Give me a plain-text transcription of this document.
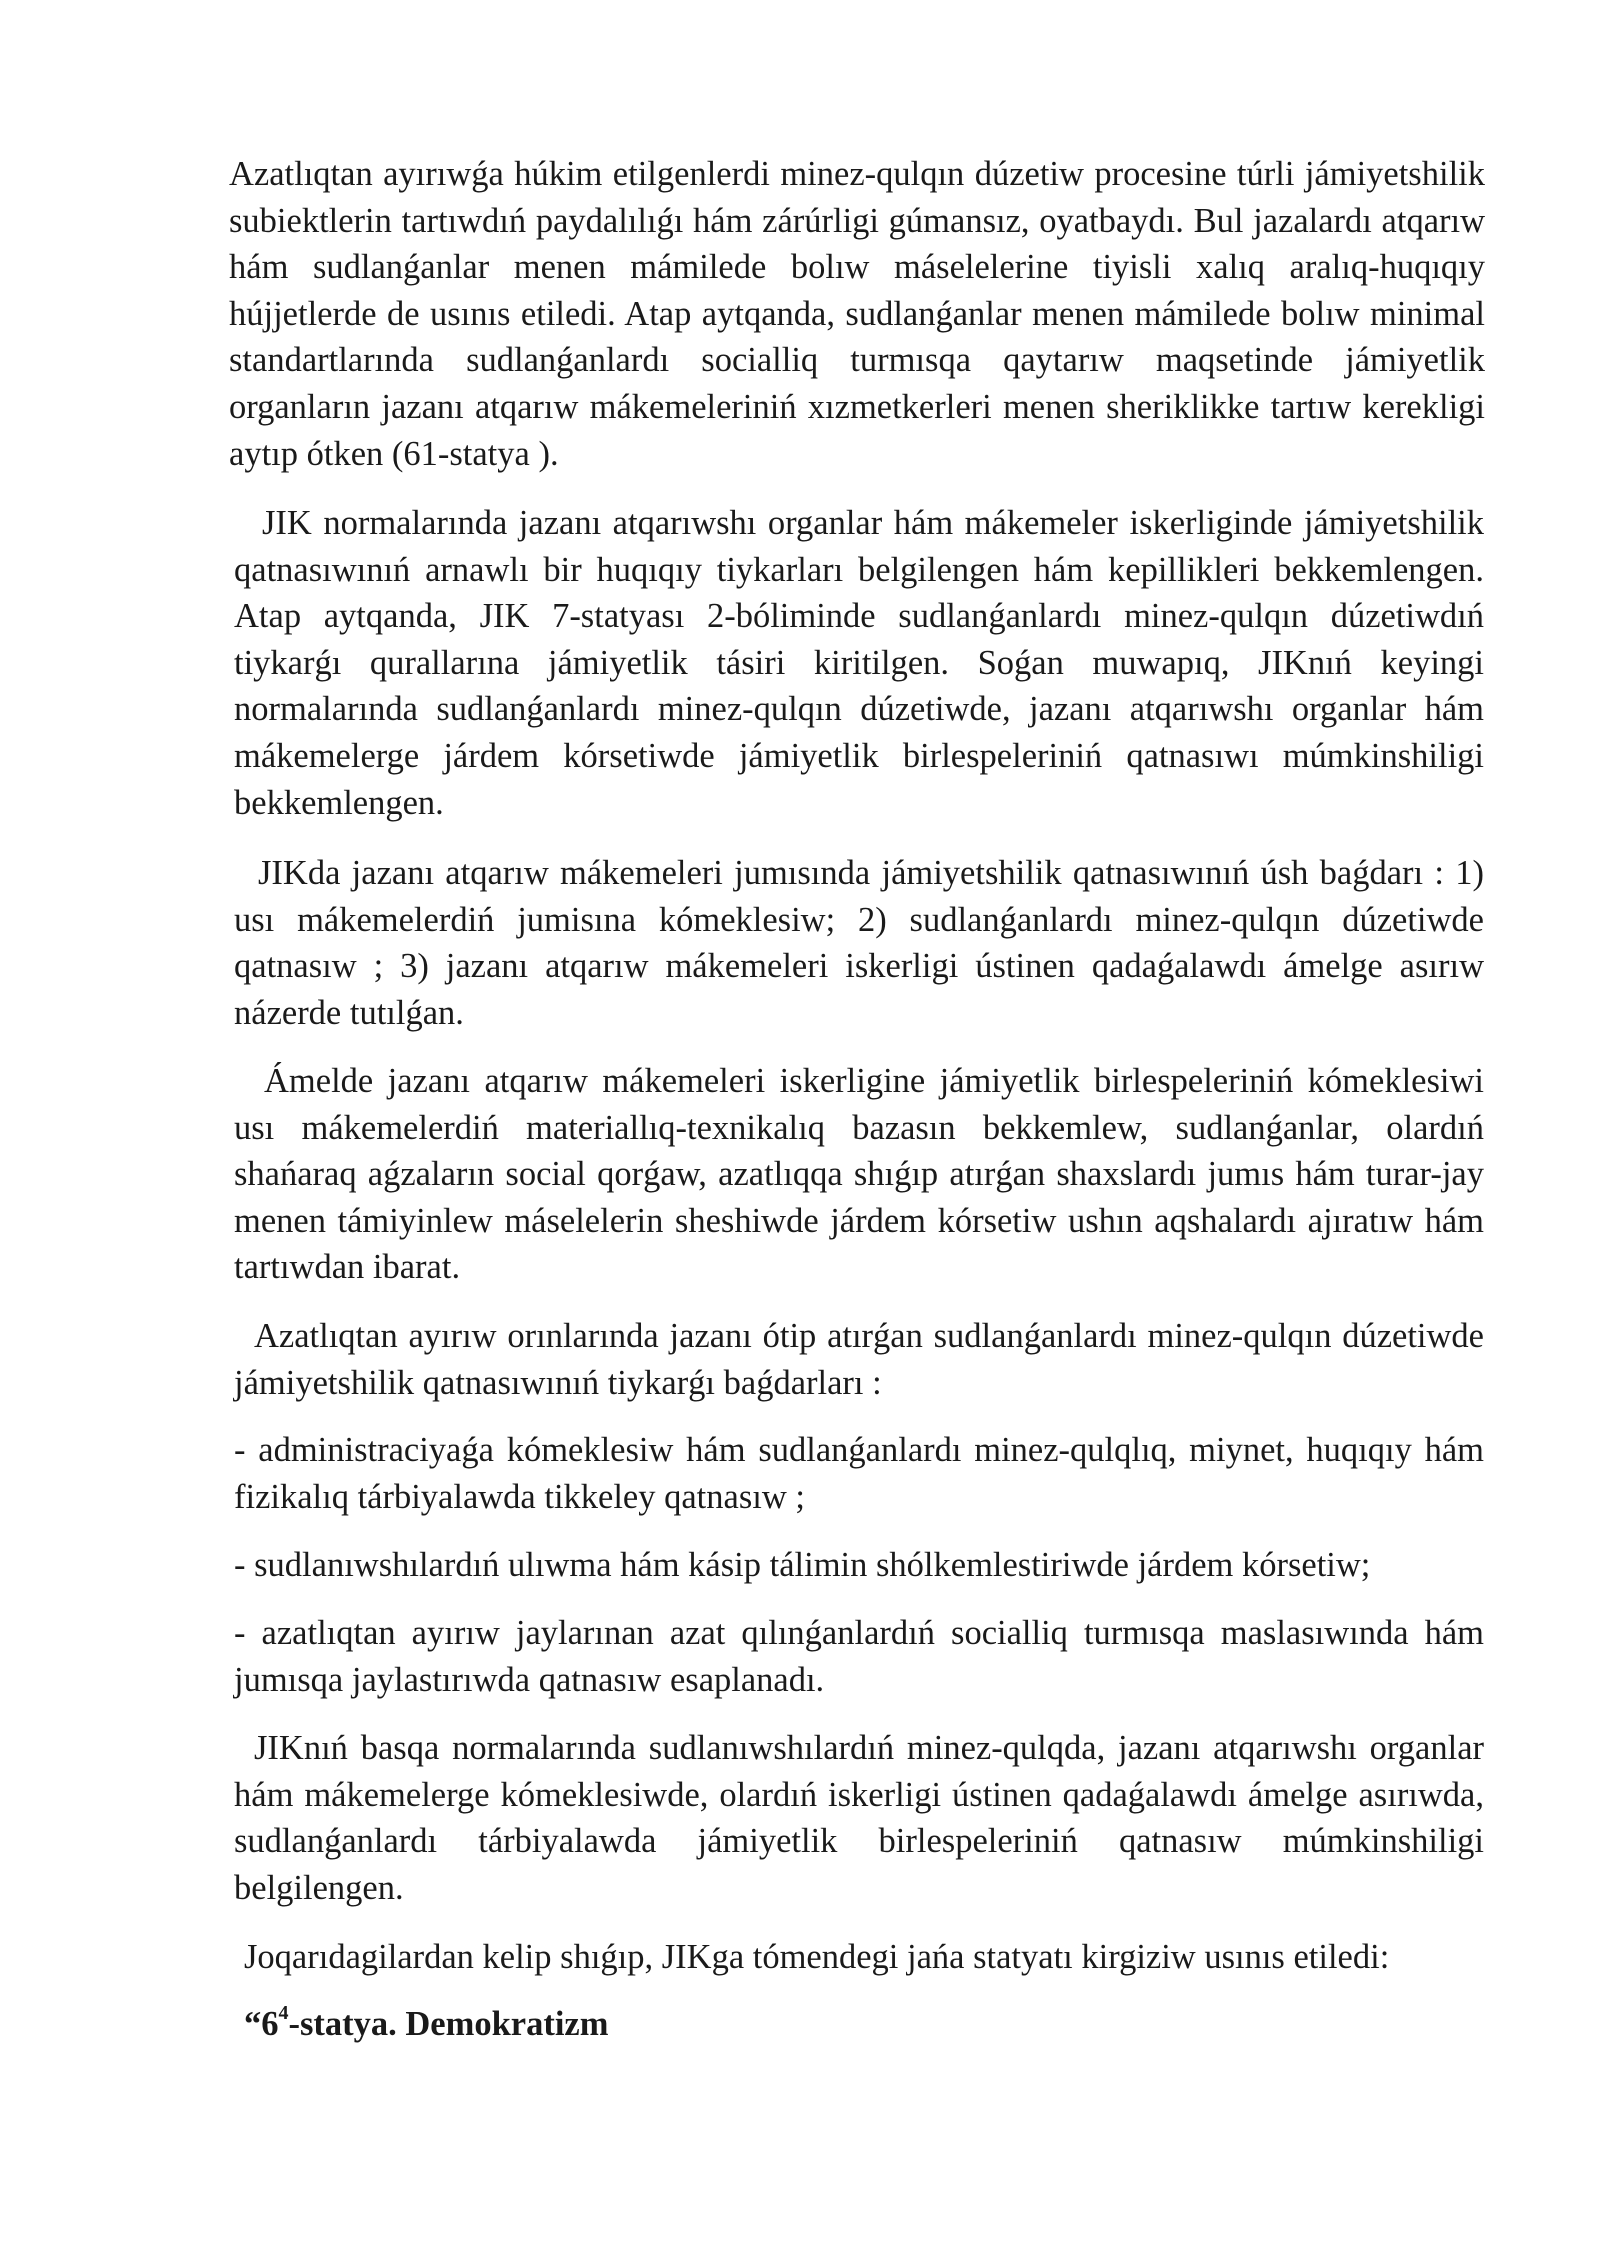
Azatlıqtan ayırıwǵa húkim etilgenlerdi minez-qulqın dúzetiw procesine túrli jámiyetshilik subiektlerin tartıwdıń paydalılıǵı hám zárúrligi gúmansız, oyatbaydı. Bul jazalardı atqarıw hám sudlanǵanlar menen mámilede bolıw máselelerine tiyisli xalıq aralıq-huqıqıy hújjetlerde de usınıs etiledi. Atap aytqanda, sudlanǵanlar menen mámilede bolıw minimal standartlarında sudlanǵanlardı socialliq turmısqa qaytarıw maqsetinde jámiyetlik organların jazanı atqarıw mákemeleriniń xızmetkerleri menen sheriklikke tartıw kerekligi aytıp ótken (61-statya ).

JIK normalarında jazanı atqarıwshı organlar hám mákemeler iskerliginde jámiyetshilik qatnasıwınıń arnawlı bir huqıqıy tiykarları belgilengen hám kepillikleri bekkemlengen. Atap aytqanda, JIK 7-statyası 2-bóliminde sudlanǵanlardı minez-qulqın dúzetiwdıń tiykarǵı qurallarına jámiyetlik tásiri kiritilgen. Soǵan muwapıq, JIKnıń keyingi normalarında sudlanǵanlardı minez-qulqın dúzetiwde, jazanı atqarıwshı organlar hám mákemelerge járdem kórsetiwde jámiyetlik birlespeleriniń qatnasıwı múmkinshiligi bekkemlengen.

JIKda jazanı atqarıw mákemeleri jumısında jámiyetshilik qatnasıwınıń úsh baǵdarı : 1) usı mákemelerdiń jumisına kómeklesiw; 2) sudlanǵanlardı minez-qulqın dúzetiwde qatnasıw ; 3) jazanı atqarıw mákemeleri iskerligi ústinen qadaǵalawdı ámelge asırıw názerde tutılǵan.

Ámelde jazanı atqarıw mákemeleri iskerligine jámiyetlik birlespeleriniń kómeklesiwi usı mákemelerdiń materiallıq-texnikalıq bazasın bekkemlew, sudlanǵanlar, olardıń shańaraq aǵzaların social qorǵaw, azatlıqqa shıǵıp atırǵan shaxslardı jumıs hám turar-jay menen támiyinlew máselelerin sheshiwde járdem kórsetiw ushın aqshalardı ajıratıw hám tartıwdan ibarat.

Azatlıqtan ayırıw orınlarında jazanı ótip atırǵan sudlanǵanlardı minez-qulqın dúzetiwde jámiyetshilik qatnasıwınıń tiykarǵı baǵdarları :

- administraciyaǵa kómeklesiw hám sudlanǵanlardı minez-qulqlıq, miynet, huqıqıy hám fizikalıq tárbiyalawda tikkeley qatnasıw ;

- sudlanıwshılardıń ulıwma hám kásip tálimin shólkemlestiriwde járdem kórsetiw;

- azatlıqtan ayırıw jaylarınan azat qılınǵanlardıń socialliq turmısqa maslasıwında hám jumısqa jaylastırıwda qatnasıw esaplanadı.

JIKnıń basqa normalarında sudlanıwshılardıń minez-qulqda, jazanı atqarıwshı organlar hám mákemelerge kómeklesiwde, olardıń iskerligi ústinen qadaǵalawdı ámelge asırıwda, sudlanǵanlardı tárbiyalawda jámiyetlik birlespeleriniń qatnasıw múmkinshiligi belgilengen.

Joqarıdagilardan kelip shıǵıp, JIKga tómendegi jańa statyatı kirgiziw usınıs etiledi:

“$6^4$-statya. Demokratizm
